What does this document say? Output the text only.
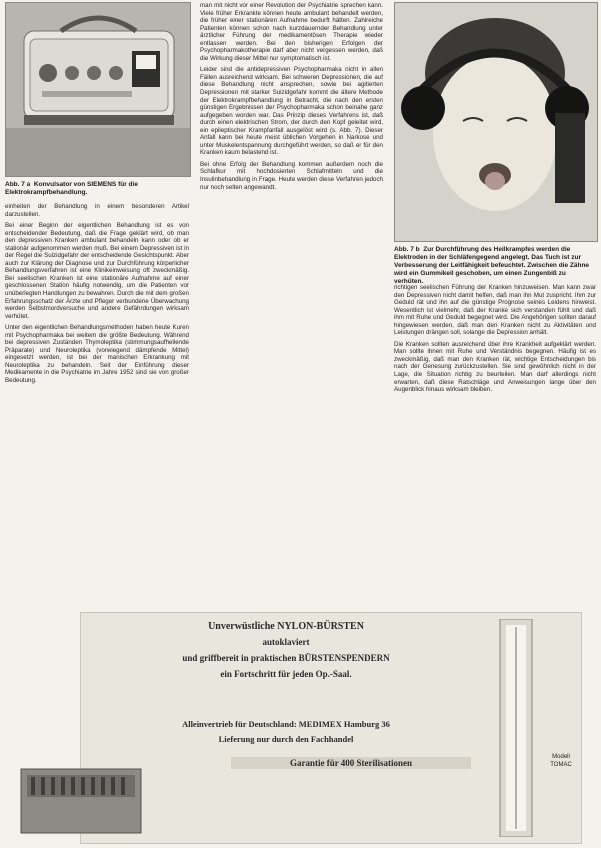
Abb. 7 a Konvulsator von SIEMENS für die Elektrokrampfbehandlung.

einheiten der Behandlung in einem besonderen Artikel darzustellen.

Bei einer Beginn der eigentlichen Behandlung ist es von entscheidender Bedeutung, daß die Frage geklärt wird, ob man den depressiven Kranken ambulant behandeln kann oder ob er stationär aufgenommen werden muß. Bei einem Depressiven ist in der Regel die Suizidgefahr der entscheidende Gesichtspunkt. Aber auch zur Klärung der Diagnose und zur Durchführung körperlicher Behandlungsverfahren ist eine Klinikeinweisung oft zweckmäßig. Bei seelischen Kranken ist eine stationäre Aufnahme auf einer geschlossenen Station häufig notwendig, um die Patienten vor unüberlegten Handlungen zu bewahren. Durch die mit dem großen Erfahrungsschatz der Ärzte und Pfleger verbundene Überwachung werden Selbstmordversuche und andere Gefährdungen wirksam verhütet.

Unter den eigentlichen Behandlungsmethoden haben heute Kuren mit Psychopharmaka bei weitem die größte Bedeutung. Während bei depressiven Zuständen Thymoleptika (stimmungsaufhellende Präparate) und Neuroleptika (vorwiegend dämpfende Mittel) eingesetzt werden, ist bei der manischen Erkrankung mit Neuroleptika zu behandeln. Seit der Einführung dieser Medikamente in die Psychiatrie im Jahre 1952 sind sie von großer Bedeutung.

man mit nicht vor einer Revolution der Psychiatrie sprechen kann. Viele früher Erkrankte können heute ambulant behandelt werden, die früher einer stationären Aufnahme bedurft hätten. Zahlreiche Patienten können schon nach kurzdauernder Behandlung unter ärztlicher Führung der medikamentösen Therapie wieder entlassen werden. Bei den bisherigen Erfolgen der Psychopharmakotherapie darf aber nicht vergessen werden, daß die Wirkung dieser Mittel nur symptomatisch ist.

Leider sind die antidepressiven Psychopharmaka nicht in allen Fällen ausreichend wirksam. Bei schweren Depressionen, die auf diese Behandlung nicht ansprechen, sowie bei agitierten Depressionen mit starker Suizidgefahr kommt die ältere Methode der Elektrokrampfbehandlung in Betracht, die nach den ersten günstigen Ergebnissen der Psychopharmaka schon beinahe ganz aufgegeben worden war. Das Prinzip dieses Verfahrens ist, daß durch einen elektrischen Strom, der durch den Kopf geleitet wird, ein epileptischer Krampfanfall ausgelöst wird (s. Abb. 7). Dieser Anfall kann bei heute meist üblichen Vorgehen in Narkose und unter Muskelentspannung durchgeführt werden, so daß er für den Kranken kaum belastend ist.

Bei ohne Erfolg der Behandlung kommen außerdem noch die Schlafkur mit hochdosierten Schlafmitteln und die Insulinbehandlung in Frage. Heute werden diese Verfahren jedoch nur noch selten angewandt.

Abb. 7 b Zur Durchführung des Heilkrampfes werden die Elektroden in der Schläfengegend angelegt. Das Tuch ist zur Verbesserung der Leitfähigkeit befeuchtet. Zwischen die Zähne wird ein Gummikeil geschoben, um einen Zungenbiß zu verhüten.

richtigen seelischen Führung der Kranken hinzuweisen. Man kann zwar den Depressiven nicht damit helfen, daß man ihn Mut zuspricht. Ihm zur Geduld rät und ihn auf die günstige Prognose seines Leidens hinweist. Wesentlich ist vielmehr, daß der Kranke sich verstanden fühlt und daß ihm mit Ruhe und Geduld begegnet wird. Die Angehörigen sollten darauf hingewiesen werden, daß man den Kranken nicht zu Aktivitäten und Leistungen drängen soll, solange die Depression anhält.

Die Kranken sollten ausreichend über ihre Krankheit aufgeklärt werden. Man sollte ihnen mit Ruhe und Verständnis begegnen. Häufig ist es zweckmäßig, daß man den Kranken rät, wichtige Entscheidungen bis nach der Genesung zurückzustellen. Sie sind gewöhnlich nicht in der Lage, die Situation richtig zu beurteilen. Man darf allerdings nicht erwarten, daß diese Ratschläge und Anweisungen lange über den Augenblick hinaus wirksam bleiben.

Unverwüstliche NYLON-BÜRSTEN
autoklaviert
und griffbereit in praktischen BÜRSTENSPENDERN
ein Fortschritt für jeden Op.-Saal.
Alleinvertrieb für Deutschland: MEDIMEX Hamburg 36
Lieferung nur durch den Fachhandel
Garantie für 400 Sterilisationen
Modell
TOMAC
